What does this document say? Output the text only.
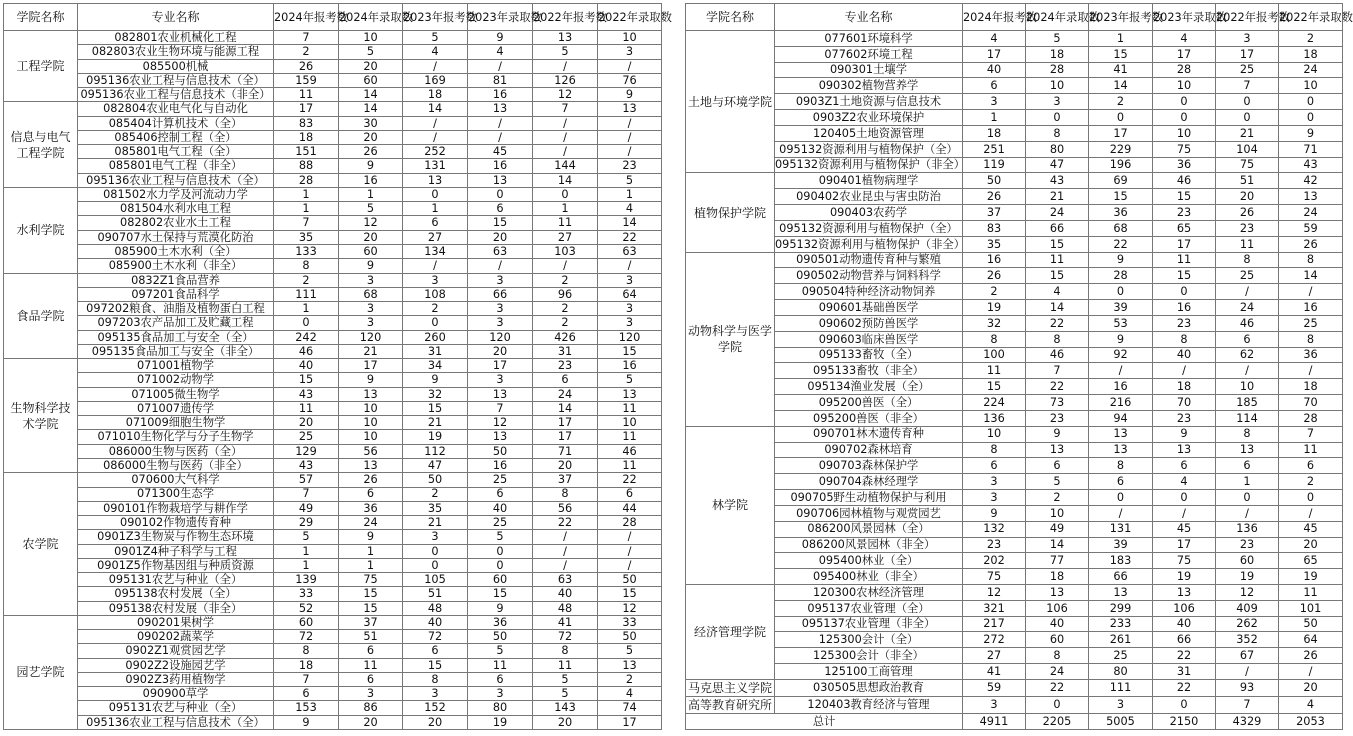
学院名称	专业名称	2024年报考数	2024年录取数	2023年报考数	2023年录取数	2022年报考数	2022年录取数
工程学院	082801农业机械化工程	7	10	5	9	13	10
	082803农业生物环境与能源工程	2	5	4	4	5	3
	085500机械	26	20	/	/	/	/
	095136农业工程与信息技术（全）	159	60	169	81	126	76
	095136农业工程与信息技术（非全）	11	14	18	16	12	9
信息与电气工程学院	082804农业电气化与自动化	17	14	14	13	7	13
	085404计算机技术（全）	83	30	/	/	/	/
	085406控制工程（全）	18	20	/	/	/	/
	085801电气工程（全）	151	26	252	45	/	/
	085801电气工程（非全）	88	9	131	16	144	23
	095136农业工程与信息技术（全）	28	16	13	13	14	5
水利学院	081502水力学及河流动力学	1	1	0	0	0	1
	081504水利水电工程	1	5	1	6	1	4
	082802农业水土工程	7	12	6	15	11	14
	090707水土保持与荒漠化防治	35	20	27	20	27	22
	085900土木水利（全）	133	60	134	63	103	63
	085900土木水利（非全）	8	9	/	/	/	/
食品学院	0832Z1食品营养	2	3	3	3	2	3
	097201食品科学	111	68	108	66	96	64
	097202粮食、油脂及植物蛋白工程	1	3	2	3	2	3
	097203农产品加工及贮藏工程	0	3	0	3	2	3
	095135食品加工与安全（全）	242	120	260	120	426	120
	095135食品加工与安全（非全）	46	21	31	20	31	15
生物科学技术学院	071001植物学	40	17	34	17	23	16
	071002动物学	15	9	9	3	6	5
	071005微生物学	43	13	32	13	24	13
	071007遗传学	11	10	15	7	14	11
	071009细胞生物学	20	10	21	12	17	10
	071010生物化学与分子生物学	25	10	19	13	17	11
	086000生物与医药（全）	129	56	112	50	71	46
	086000生物与医药（非全）	43	13	47	16	20	11
农学院	070600大气科学	57	26	50	25	37	22
	071300生态学	7	6	2	6	8	6
	090101作物栽培学与耕作学	49	36	35	40	56	44
	090102作物遗传育种	29	24	21	25	22	28
	0901Z3生物炭与作物生态环境	5	9	3	5	/	/
	0901Z4种子科学与工程	1	1	0	0	/	/
	0901Z5作物基因组与种质资源	1	1	0	0	/	/
	095131农艺与种业（全）	139	75	105	60	63	50
	095138农村发展（全）	33	15	51	15	40	15
	095138农村发展（非全）	52	15	48	9	48	12
园艺学院	090201果树学	60	37	40	36	41	33
	090202蔬菜学	72	51	72	50	72	50
	0902Z1观赏园艺学	8	6	6	5	8	5
	0902Z2设施园艺学	18	11	15	11	11	13
	0902Z3药用植物学	7	6	8	6	5	2
	090900草学	6	3	3	3	5	4
	095131农艺与种业（全）	153	86	152	80	143	74
	095136农业工程与信息技术（全）	9	20	20	19	20	17
学院名称	专业名称	2024年报考数	2024年录取数	2023年报考数	2023年录取数	2022年报考数	2022年录取数
土地与环境学院	077601环境科学	4	5	1	4	3	2
	077602环境工程	17	18	15	17	17	18
	090301土壤学	40	28	41	28	25	24
	090302植物营养学	6	10	14	10	7	10
	0903Z1土地资源与信息技术	3	3	2	0	0	0
	0903Z2农业环境保护	1	0	0	0	0	0
	120405土地资源管理	18	8	17	10	21	9
	095132资源利用与植物保护（全）	251	80	229	75	104	71
	095132资源利用与植物保护（非全）	119	47	196	36	75	43
植物保护学院	090401植物病理学	50	43	69	46	51	42
	090402农业昆虫与害虫防治	26	21	15	15	20	13
	090403农药学	37	24	36	23	26	24
	095132资源利用与植物保护（全）	83	66	68	65	23	59
	095132资源利用与植物保护（非全）	35	15	22	17	11	26
动物科学与医学学院	090501动物遗传育种与繁殖	16	11	9	11	8	8
	090502动物营养与饲料科学	26	15	28	15	25	14
	090504特种经济动物饲养	2	4	0	0	/	/
	090601基础兽医学	19	14	39	16	24	16
	090602预防兽医学	32	22	53	23	46	25
	090603临床兽医学	8	8	9	8	6	8
	095133畜牧（全）	100	46	92	40	62	36
	095133畜牧（非全）	11	7	/	/	/	/
	095134渔业发展（全）	15	22	16	18	10	18
	095200兽医（全）	224	73	216	70	185	70
	095200兽医（非全）	136	23	94	23	114	28
林学院	090701林木遗传育种	10	9	13	9	8	7
	090702森林培育	8	13	13	13	13	11
	090703森林保护学	6	6	8	6	6	6
	090704森林经理学	3	5	6	4	1	2
	090705野生动植物保护与利用	3	2	0	0	0	0
	090706园林植物与观赏园艺	9	10	/	/	/	/
	086200风景园林（全）	132	49	131	45	136	45
	086200风景园林（非全）	23	14	39	17	23	20
	095400林业（全）	202	77	183	75	60	65
	095400林业（非全）	75	18	66	19	19	19
经济管理学院	120300农林经济管理	12	13	13	13	12	11
	095137农业管理（全）	321	106	299	106	409	101
	095137农业管理（非全）	217	40	233	40	262	50
	125300会计（全）	272	60	261	66	352	64
	125300会计（非全）	27	8	25	22	67	26
	125100工商管理	41	24	80	31	/	/
马克思主义学院	030505思想政治教育	59	22	111	22	93	20
高等教育研究所	120403教育经济与管理	3	0	3	0	7	4
总计		4911	2205	5005	2150	4329	2053
